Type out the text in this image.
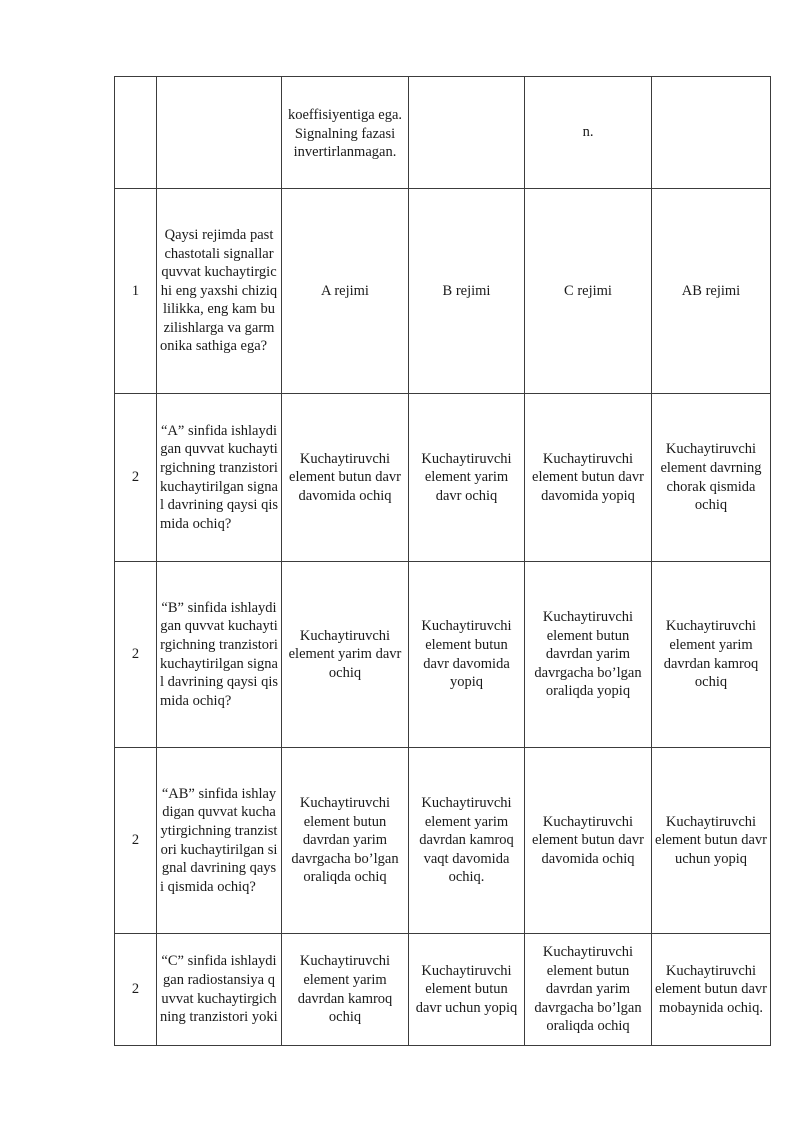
		koeffisiyentiga ega. Signalning fazasi invertirlanmagan.		n.	
1	Qaysi rejimda past chastotali signallar quvvat kuchaytirgichi eng yaxshi chiziqlilikka, eng kam buzilishlarga va garmonika sathiga ega?	A rejimi	B rejimi	C rejimi	AB rejimi
2	“A” sinfida ishlaydigan quvvat kuchaytirgichning tranzistori kuchaytirilgan signal davrining qaysi qismida ochiq?	Kuchaytiruvchi element butun davr davomida ochiq	Kuchaytiruvchi element yarim davr ochiq	Kuchaytiruvchi element butun davr davomida yopiq	Kuchaytiruvchi element davrning chorak qismida ochiq
2	“B” sinfida ishlaydigan quvvat kuchaytirgichning tranzistori kuchaytirilgan signal davrining qaysi qismida ochiq?	Kuchaytiruvchi element yarim davr ochiq	Kuchaytiruvchi element butun davr davomida yopiq	Kuchaytiruvchi element butun davrdan yarim davrgacha bo’lgan oraliqda yopiq	Kuchaytiruvchi element yarim davrdan kamroq ochiq
2	“AB” sinfida ishlaydigan quvvat kuchaytirgichning tranzistori kuchaytirilgan signal davrining qaysi qismida ochiq?	Kuchaytiruvchi element butun davrdan yarim davrgacha bo’lgan oraliqda ochiq	Kuchaytiruvchi element yarim davrdan kamroq vaqt davomida ochiq.	Kuchaytiruvchi element butun davr davomida ochiq	Kuchaytiruvchi element butun davr uchun yopiq
2	“C” sinfida ishlaydigan radiostansiya quvvat kuchaytirgichning tranzistori yoki	Kuchaytiruvchi element yarim davrdan kamroq ochiq	Kuchaytiruvchi element butun davr uchun yopiq	Kuchaytiruvchi element butun davrdan yarim davrgacha bo’lgan oraliqda ochiq	Kuchaytiruvchi element butun davr mobaynida ochiq.
